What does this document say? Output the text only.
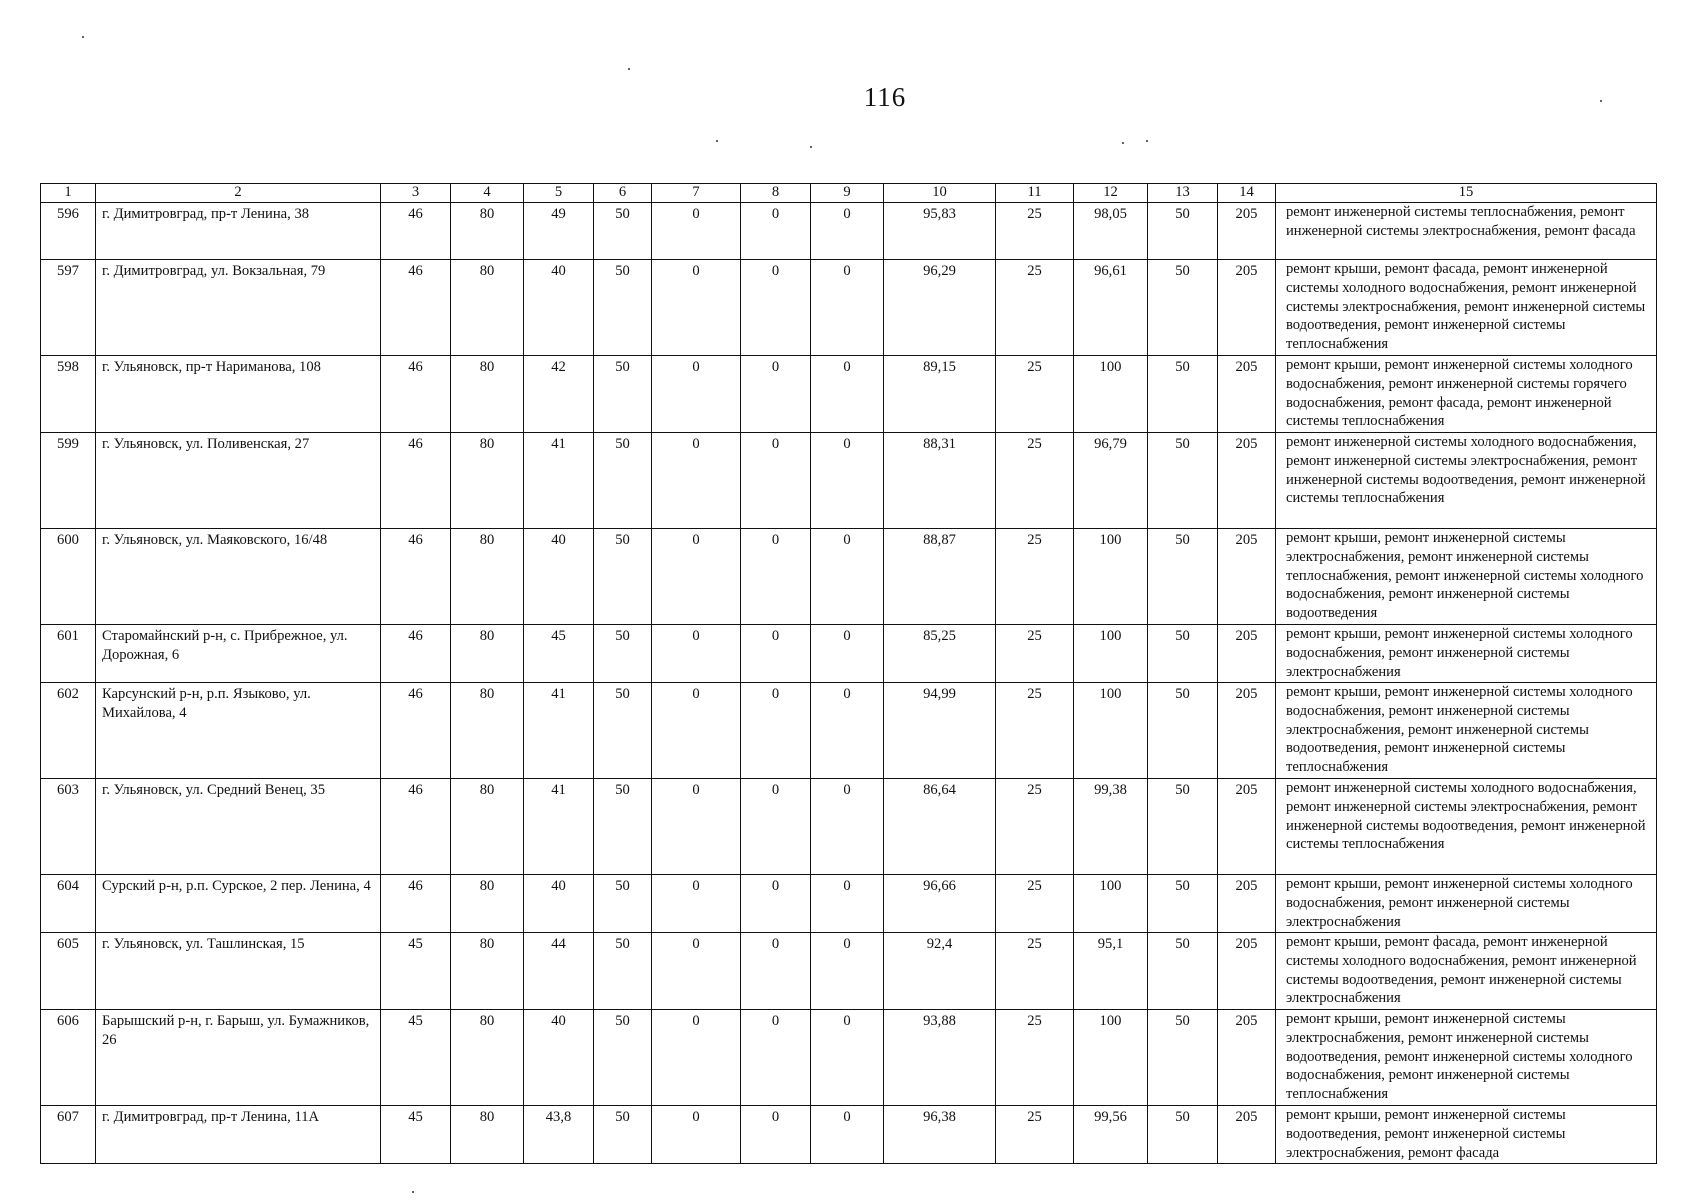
116
1	2	3	4	5	6	7	8	9	10	11	12	13	14	15
596	г. Димитровград, пр-т Ленина, 38	46	80	49	50	0	0	0	95,83	25	98,05	50	205	ремонт инженерной системы теплоснабжения, ремонт инженерной системы электроснабжения, ремонт фасада
597	г. Димитровград, ул. Вокзальная, 79	46	80	40	50	0	0	0	96,29	25	96,61	50	205	ремонт крыши, ремонт фасада, ремонт инженерной системы холодного водоснабжения, ремонт инженерной системы электроснабжения, ремонт инженерной системы водоотведения, ремонт инженерной системы теплоснабжения
598	г. Ульяновск, пр-т Нариманова, 108	46	80	42	50	0	0	0	89,15	25	100	50	205	ремонт крыши, ремонт инженерной системы холодного водоснабжения, ремонт инженерной системы горячего водоснабжения, ремонт фасада, ремонт инженерной системы теплоснабжения
599	г. Ульяновск, ул. Поливенская, 27	46	80	41	50	0	0	0	88,31	25	96,79	50	205	ремонт инженерной системы холодного водоснабжения, ремонт инженерной системы электроснабжения, ремонт инженерной системы водоотведения, ремонт инженерной системы теплоснабжения
600	г. Ульяновск, ул. Маяковского, 16/48	46	80	40	50	0	0	0	88,87	25	100	50	205	ремонт крыши, ремонт инженерной системы электроснабжения, ремонт инженерной системы теплоснабжения, ремонт инженерной системы холодного водоснабжения, ремонт инженерной системы водоотведения
601	Старомайнский р-н, с. Прибрежное, ул. Дорожная, 6	46	80	45	50	0	0	0	85,25	25	100	50	205	ремонт крыши, ремонт инженерной системы холодного водоснабжения, ремонт инженерной системы электроснабжения
602	Карсунский р-н, р.п. Языково, ул. Михайлова, 4	46	80	41	50	0	0	0	94,99	25	100	50	205	ремонт крыши, ремонт инженерной системы холодного водоснабжения, ремонт инженерной системы электроснабжения, ремонт инженерной системы водоотведения, ремонт инженерной системы теплоснабжения
603	г. Ульяновск, ул. Средний Венец, 35	46	80	41	50	0	0	0	86,64	25	99,38	50	205	ремонт инженерной системы холодного водоснабжения, ремонт инженерной системы электроснабжения, ремонт инженерной системы водоотведения, ремонт инженерной системы теплоснабжения
604	Сурский р-н, р.п. Сурское, 2 пер. Ленина, 4	46	80	40	50	0	0	0	96,66	25	100	50	205	ремонт крыши, ремонт инженерной системы холодного водоснабжения, ремонт инженерной системы электроснабжения
605	г. Ульяновск, ул. Ташлинская, 15	45	80	44	50	0	0	0	92,4	25	95,1	50	205	ремонт крыши, ремонт фасада, ремонт инженерной системы холодного водоснабжения, ремонт инженерной системы водоотведения, ремонт инженерной системы электроснабжения
606	Барышский р-н, г. Барыш, ул. Бумажников, 26	45	80	40	50	0	0	0	93,88	25	100	50	205	ремонт крыши, ремонт инженерной системы электроснабжения, ремонт инженерной системы водоотведения, ремонт инженерной системы холодного водоснабжения, ремонт инженерной системы теплоснабжения
607	г. Димитровград, пр-т Ленина, 11А	45	80	43,8	50	0	0	0	96,38	25	99,56	50	205	ремонт крыши, ремонт инженерной системы водоотведения, ремонт инженерной системы электроснабжения, ремонт фасада
